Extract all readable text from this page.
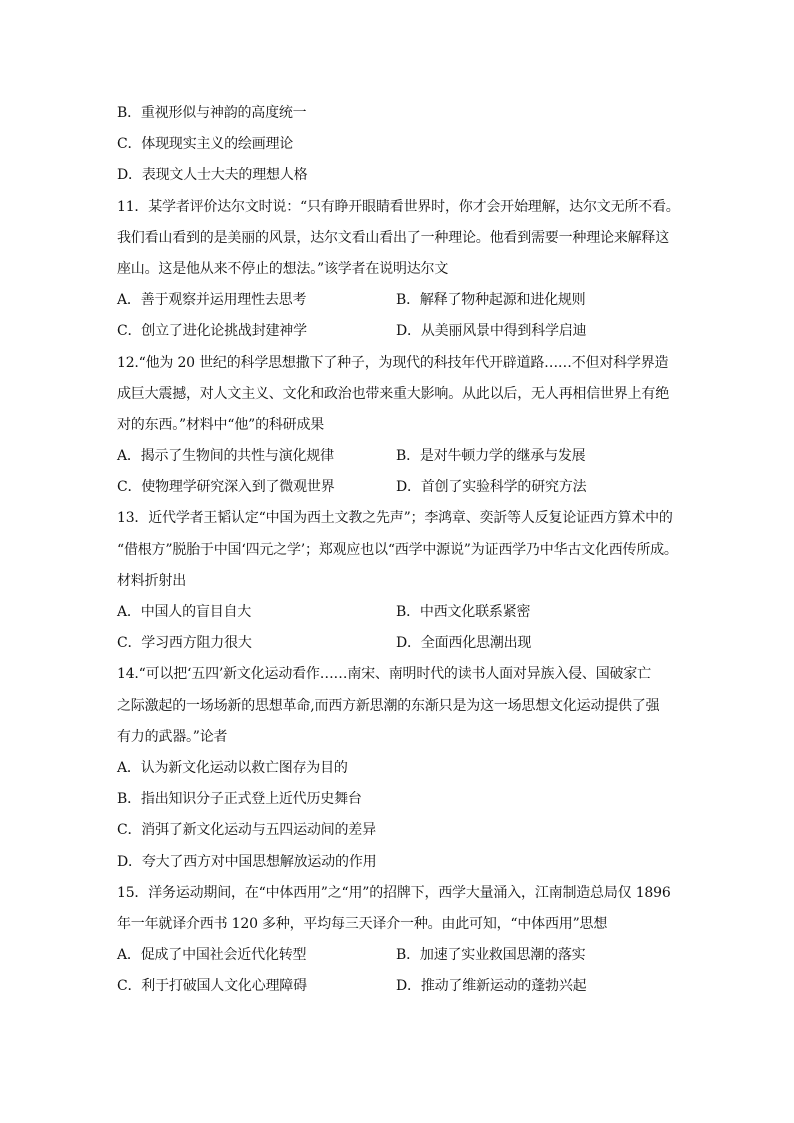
B．重视形似与神韵的高度统一
C．体现现实主义的绘画理论
D．表现文人士大夫的理想人格
11．某学者评价达尔文时说：“只有睁开眼睛看世界时，你才会开始理解，达尔文无所不看。
我们看山看到的是美丽的风景，达尔文看山看出了一种理论。他看到需要一种理论来解释这
座山。这是他从来不停止的想法。”该学者在说明达尔文
A．善于观察并运用理性去思考	B．解释了物种起源和进化规则
C．创立了进化论挑战封建神学	D．从美丽风景中得到科学启迪
12.“他为 20 世纪的科学思想撒下了种子，为现代的科技年代开辟道路……不但对科学界造
成巨大震撼，对人文主义、文化和政治也带来重大影响。从此以后，无人再相信世界上有绝
对的东西。”材料中“他”的科研成果
A．揭示了生物间的共性与演化规律	B．是对牛顿力学的继承与发展
C．使物理学研究深入到了微观世界	D．首创了实验科学的研究方法
13．近代学者王韬认定“中国为西土文教之先声”；李鸿章、奕訢等人反复论证西方算术中的
“借根方”脱胎于中国‘四元之学’；郑观应也以“西学中源说”为证西学乃中华古文化西传所成。
材料折射出
A．中国人的盲目自大	B．中西文化联系紧密
C．学习西方阻力很大	D．全面西化思潮出现
14.“可以把‘五四’新文化运动看作……南宋、南明时代的读书人面对异族入侵、国破家亡
之际激起的一场场新的思想革命,而西方新思潮的东渐只是为这一场思想文化运动提供了强
有力的武器。”论者
A．认为新文化运动以救亡图存为目的
B．指出知识分子正式登上近代历史舞台
C．消弭了新文化运动与五四运动间的差异
D．夸大了西方对中国思想解放运动的作用
15．洋务运动期间，在“中体西用”之“用”的招牌下，西学大量涌入，江南制造总局仅 1896
年一年就译介西书 120 多种，平均每三天译介一种。由此可知，“中体西用”思想
A．促成了中国社会近代化转型	B．加速了实业救国思潮的落实
C．利于打破国人文化心理障碍	D．推动了维新运动的蓬勃兴起
